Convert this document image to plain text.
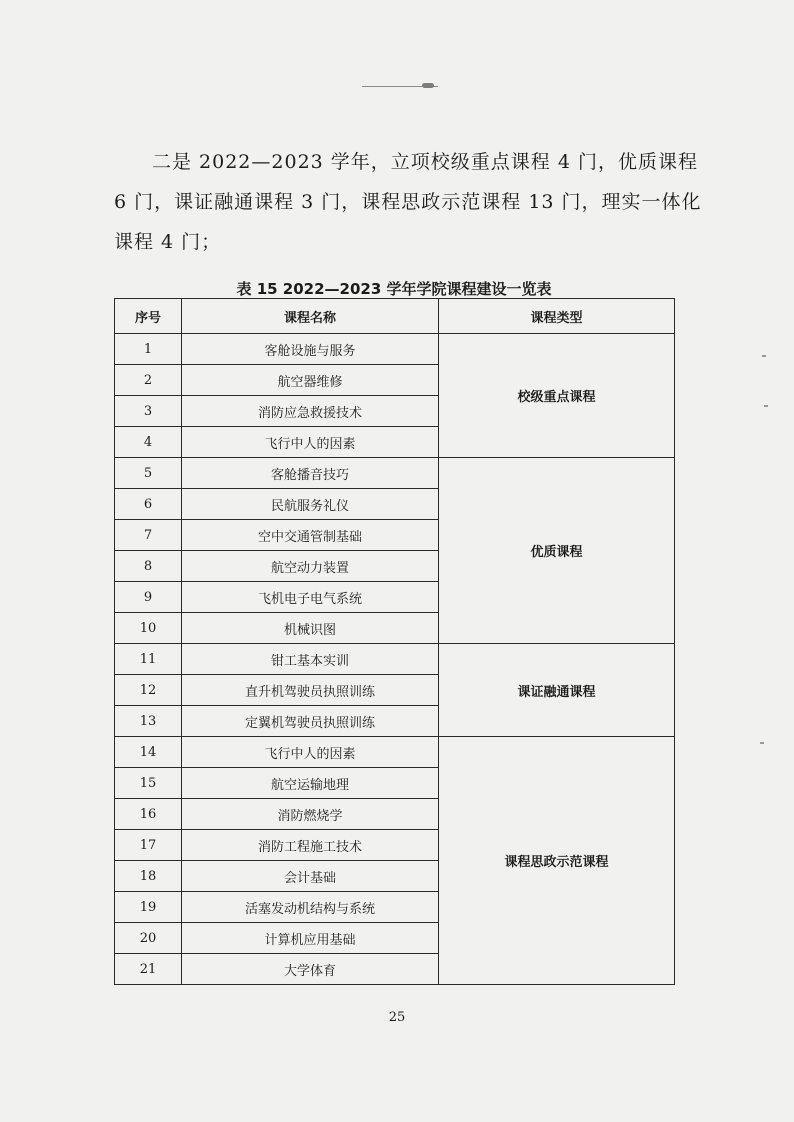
二是 2022—2023 学年，立项校级重点课程 4 门，优质课程 6 门，课证融通课程 3 门，课程思政示范课程 13 门，理实一体化课程 4 门；

表 15 2022—2023 学年学院课程建设一览表
序号	课程名称	课程类型
1	客舱设施与服务	校级重点课程
2	航空器维修	
3	消防应急救援技术	
4	飞行中人的因素	
5	客舱播音技巧	优质课程
6	民航服务礼仪	
7	空中交通管制基础	
8	航空动力装置	
9	飞机电子电气系统	
10	机械识图	
11	钳工基本实训	课证融通课程
12	直升机驾驶员执照训练	
13	定翼机驾驶员执照训练	
14	飞行中人的因素	课程思政示范课程
15	航空运输地理	
16	消防燃烧学	
17	消防工程施工技术	
18	会计基础	
19	活塞发动机结构与系统	
20	计算机应用基础	
21	大学体育	
25
